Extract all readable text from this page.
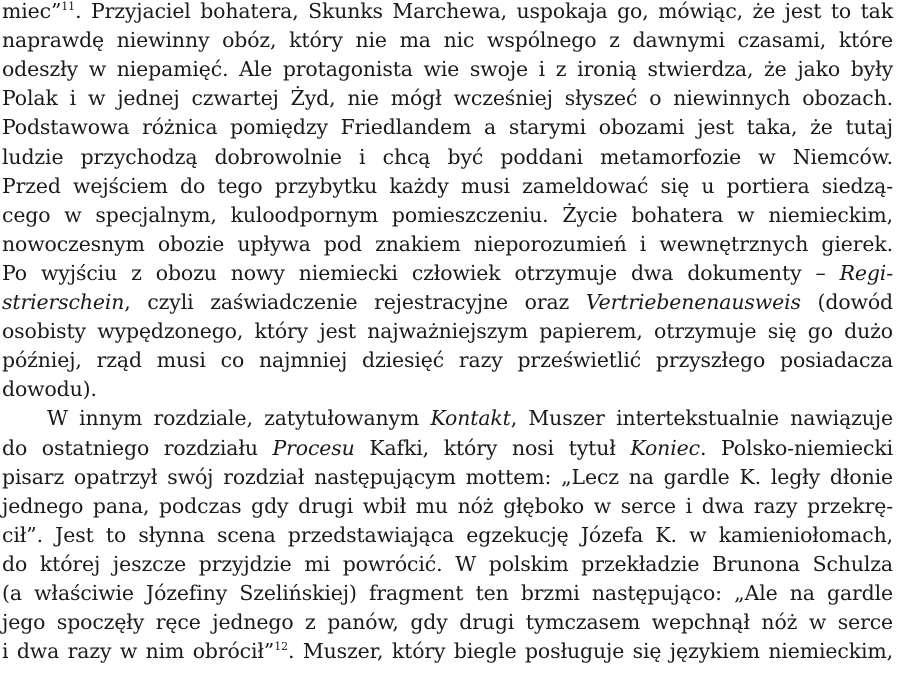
miec”$^{11}$. Przyjaciel bohatera, Skunks Marchewa, uspokaja go, mówiąc, że jest to tak
naprawdę niewinny obóz, który nie ma nic wspólnego z dawnymi czasami, które
odeszły w niepamięć. Ale protagonista wie swoje i z ironią stwierdza, że jako były
Polak i w jednej czwartej Żyd, nie mógł wcześniej słyszeć o niewinnych obozach.
Podstawowa różnica pomiędzy Friedlandem a starymi obozami jest taka, że tutaj
ludzie przychodzą dobrowolnie i chcą być poddani metamorfozie w Niemców.
Przed wejściem do tego przybytku każdy musi zameldować się u portiera siedzą-
cego w specjalnym, kuloodpornym pomieszczeniu. Życie bohatera w niemieckim,
nowoczesnym obozie upływa pod znakiem nieporozumień i wewnętrznych gierek.
Po wyjściu z obozu nowy niemiecki człowiek otrzymuje dwa dokumenty – Regi-
strierschein, czyli zaświadczenie rejestracyjne oraz Vertriebenenausweis (dowód
osobisty wypędzonego, który jest najważniejszym papierem, otrzymuje się go dużo
później, rząd musi co najmniej dziesięć razy prześwietlić przyszłego posiadacza
dowodu).
W innym rozdziale, zatytułowanym Kontakt, Muszer intertekstualnie nawiązuje
do ostatniego rozdziału Procesu Kafki, który nosi tytuł Koniec. Polsko-niemiecki
pisarz opatrzył swój rozdział następującym mottem: „Lecz na gardle K. legły dłonie
jednego pana, podczas gdy drugi wbił mu nóż głęboko w serce i dwa razy przekrę-
cił”. Jest to słynna scena przedstawiająca egzekucję Józefa K. w kamieniołomach,
do której jeszcze przyjdzie mi powrócić. W polskim przekładzie Brunona Schulza
(a właściwie Józefiny Szelińskiej) fragment ten brzmi następująco: „Ale na gardle
jego spoczęły ręce jednego z panów, gdy drugi tymczasem wepchnął nóż w serce
i dwa razy w nim obrócił”$^{12}$. Muszer, który biegle posługuje się językiem niemieckim,
